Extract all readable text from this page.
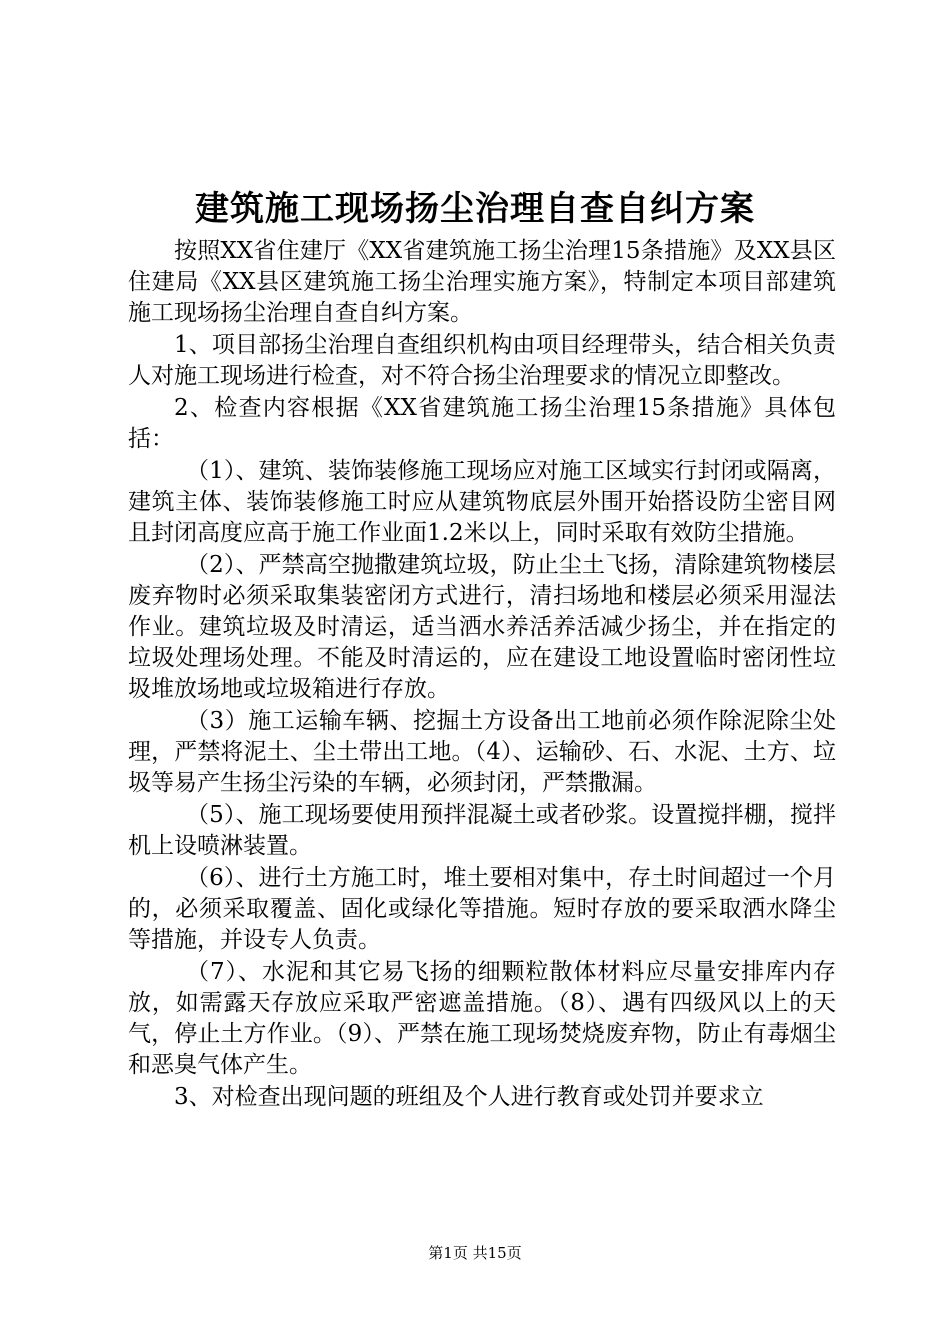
建筑施工现场扬尘治理自查自纠方案

按照XX省住建厅《XX省建筑施工扬尘治理15条措施》及XX县区住建局《XX县区建筑施工扬尘治理实施方案》，特制定本项目部建筑施工现场扬尘治理自查自纠方案。

1、项目部扬尘治理自查组织机构由项目经理带头，结合相关负责人对施工现场进行检查，对不符合扬尘治理要求的情况立即整改。

2、检查内容根据《XX省建筑施工扬尘治理15条措施》具体包括：

（1）、建筑、装饰装修施工现场应对施工区域实行封闭或隔离，建筑主体、装饰装修施工时应从建筑物底层外围开始搭设防尘密目网且封闭高度应高于施工作业面1.2米以上，同时采取有效防尘措施。

（2）、严禁高空抛撒建筑垃圾，防止尘土飞扬，清除建筑物楼层废弃物时必须采取集装密闭方式进行，清扫场地和楼层必须采用湿法作业。建筑垃圾及时清运，适当洒水养活养活减少扬尘，并在指定的垃圾处理场处理。不能及时清运的，应在建设工地设置临时密闭性垃圾堆放场地或垃圾箱进行存放。

（3）施工运输车辆、挖掘土方设备出工地前必须作除泥除尘处理，严禁将泥土、尘土带出工地。（4）、运输砂、石、水泥、土方、垃圾等易产生扬尘污染的车辆，必须封闭，严禁撒漏。

（5）、施工现场要使用预拌混凝土或者砂浆。设置搅拌棚，搅拌机上设喷淋装置。

（6）、进行土方施工时，堆土要相对集中，存土时间超过一个月的，必须采取覆盖、固化或绿化等措施。短时存放的要采取洒水降尘等措施，并设专人负责。

（7）、水泥和其它易飞扬的细颗粒散体材料应尽量安排库内存放，如需露天存放应采取严密遮盖措施。（8）、遇有四级风以上的天气，停止土方作业。（9）、严禁在施工现场焚烧废弃物，防止有毒烟尘和恶臭气体产生。

3、对检查出现问题的班组及个人进行教育或处罚并要求立

第1页 共15页
